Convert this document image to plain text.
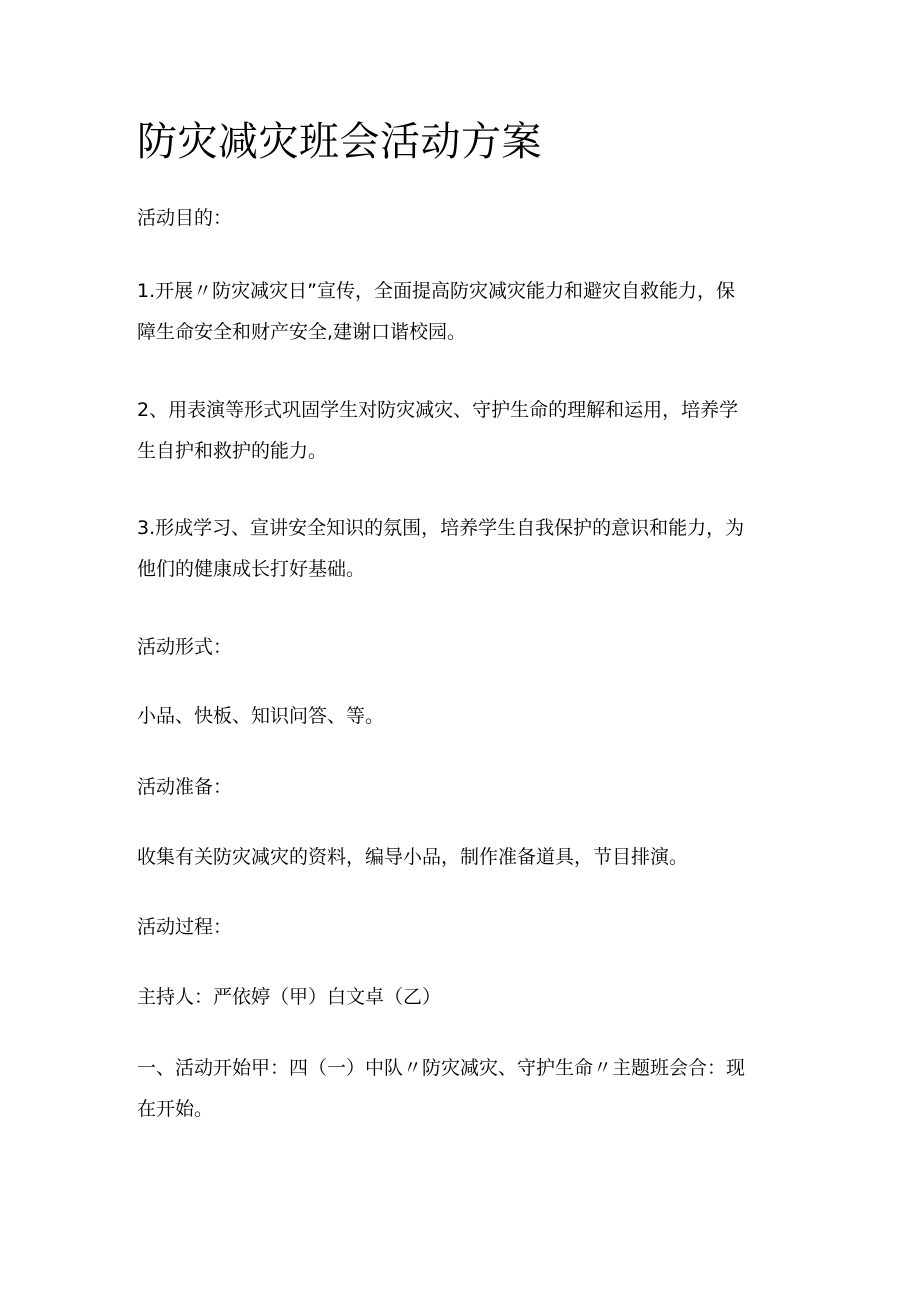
防灾减灾班会活动方案

活动目的：

1.开展〃防灾减灾日”宣传，全面提高防灾减灾能力和避灾自救能力，保
障生命安全和财产安全,建谢口谐校园。

2、用表演等形式巩固学生对防灾减灾、守护生命的理解和运用，培养学
生自护和救护的能力。

3.形成学习、宣讲安全知识的氛围，培养学生自我保护的意识和能力，为
他们的健康成长打好基础。

活动形式：

小品、快板、知识问答、等。

活动准备：

收集有关防灾减灾的资料，编导小品，制作准备道具，节目排演。

活动过程：

主持人：严依婷（甲）白文卓（乙）

一、活动开始甲：四（一）中队〃防灾减灾、守护生命〃主题班会合：现
在开始。
